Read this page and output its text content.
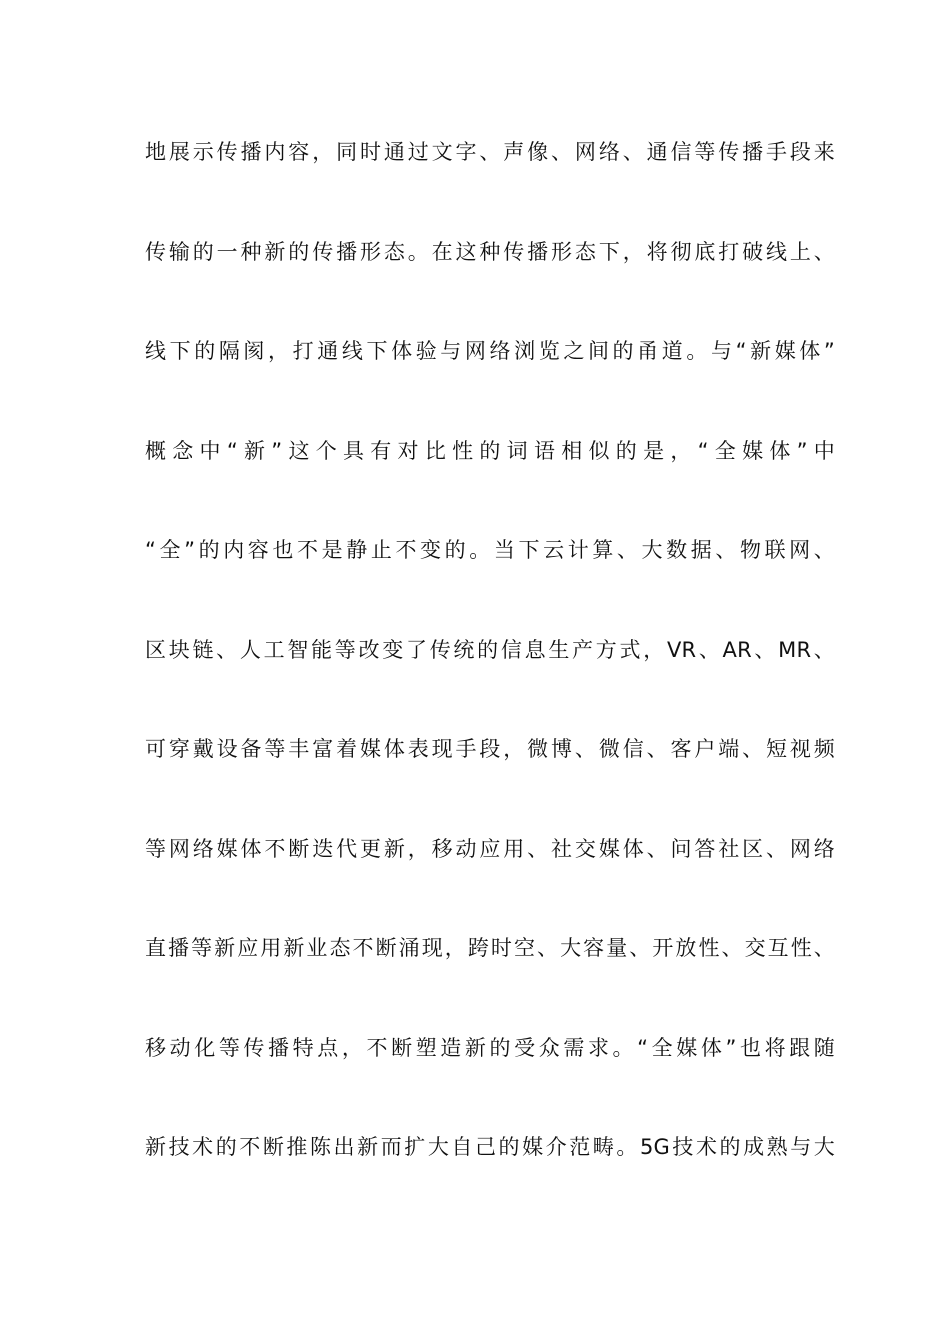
地展示传播内容，同时通过文字、声像、网络、通信等传播手段来
传输的一种新的传播形态。在这种传播形态下，将彻底打破线上、
线下的隔阂，打通线下体验与网络浏览之间的甬道。与“新媒体”
概念中“新”这个具有对比性的词语相似的是，“全媒体”中
“全”的内容也不是静止不变的。当下云计算、大数据、物联网、
区块链、人工智能等改变了传统的信息生产方式，VR、AR、MR、
可穿戴设备等丰富着媒体表现手段，微博、微信、客户端、短视频
等网络媒体不断迭代更新，移动应用、社交媒体、问答社区、网络
直播等新应用新业态不断涌现，跨时空、大容量、开放性、交互性、
移动化等传播特点，不断塑造新的受众需求。“全媒体”也将跟随
新技术的不断推陈出新而扩大自己的媒介范畴。5G技术的成熟与大
